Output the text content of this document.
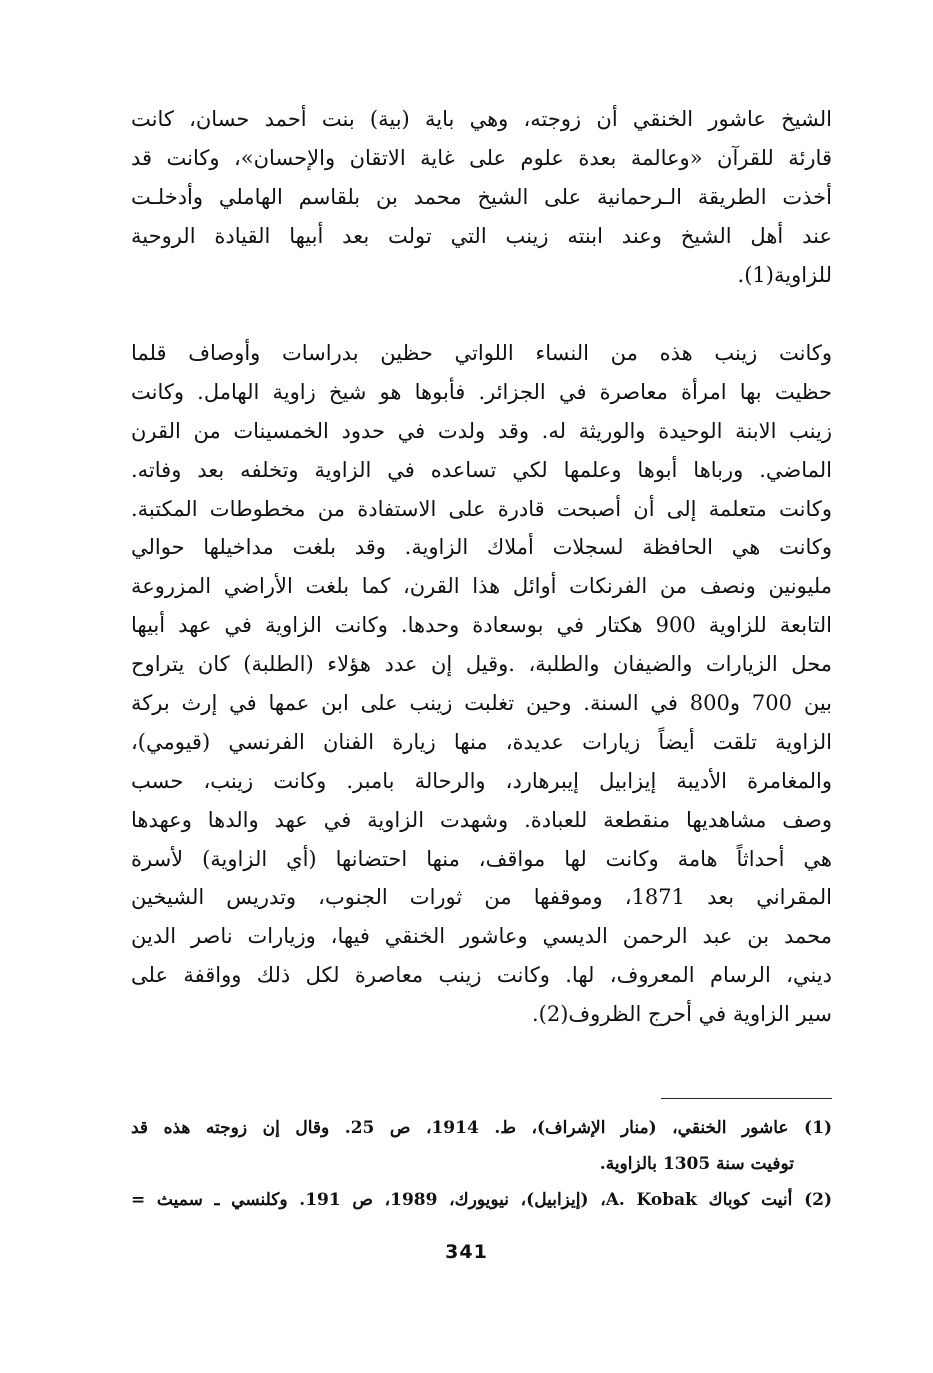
الشيخ عاشور الخنقي أن زوجته، وهي باية (بية) بنت أحمد حسان، كانت
قارئة للقرآن «وعالمة بعدة علوم على غاية الاتقان والإحسان»، وكانت قد
أخذت الطريقة الـرحمانية على الشيخ محمد بن بلقاسم الهاملي وأدخلـت
عند أهل الشيخ وعند ابنته زينب التي تولت بعد أبيها القيادة الروحية
للزاوية(1).
وكانت زينب هذه من النساء اللواتي حظين بدراسات وأوصاف قلما
حظيت بها امرأة معاصرة في الجزائر. فأبوها هو شيخ زاوية الهامل. وكانت
زينب الابنة الوحيدة والوريثة له. وقد ولدت في حدود الخمسينات من القرن
الماضي. ورباها أبوها وعلمها لكي تساعده في الزاوية وتخلفه بعد وفاته.
وكانت متعلمة إلى أن أصبحت قادرة على الاستفادة من مخطوطات المكتبة.
وكانت هي الحافظة لسجلات أملاك الزاوية. وقد بلغت مداخيلها حوالي
مليونين ونصف من الفرنكات أوائل هذا القرن، كما بلغت الأراضي المزروعة
التابعة للزاوية 900 هكتار في بوسعادة وحدها. وكانت الزاوية في عهد أبيها
محل الزيارات والضيفان والطلبة، .وقيل إن عدد هؤلاء (الطلبة) كان يتراوح
بين 700 و800 في السنة. وحين تغلبت زينب على ابن عمها في إرث بركة
الزاوية تلقت أيضاً زيارات عديدة، منها زيارة الفنان الفرنسي (قيومي)،
والمغامرة الأديبة إيزابيل إيبرهارد، والرحالة بامبر. وكانت زينب، حسب
وصف مشاهديها منقطعة للعبادة. وشهدت الزاوية في عهد والدها وعهدها
هي أحداثاً هامة وكانت لها مواقف، منها احتضانها (أي الزاوية) لأسرة
المقراني بعد 1871، وموقفها من ثورات الجنوب، وتدريس الشيخين
محمد بن عبد الرحمن الديسي وعاشور الخنقي فيها، وزيارات ناصر الدين
ديني، الرسام المعروف، لها. وكانت زينب معاصرة لكل ذلك وواقفة على
سير الزاوية في أحرج الظروف(2).
(1) عاشور الخنقي، (منار الإشراف)، ط. 1914، ص 25. وقال إن زوجته هذه قد
توفيت سنة 1305 بالزاوية.
(2) أنيت كوباك A. Kobak، (إيزابيل)، نيويورك، 1989، ص 191. وكلنسي ـ سميث =
341
